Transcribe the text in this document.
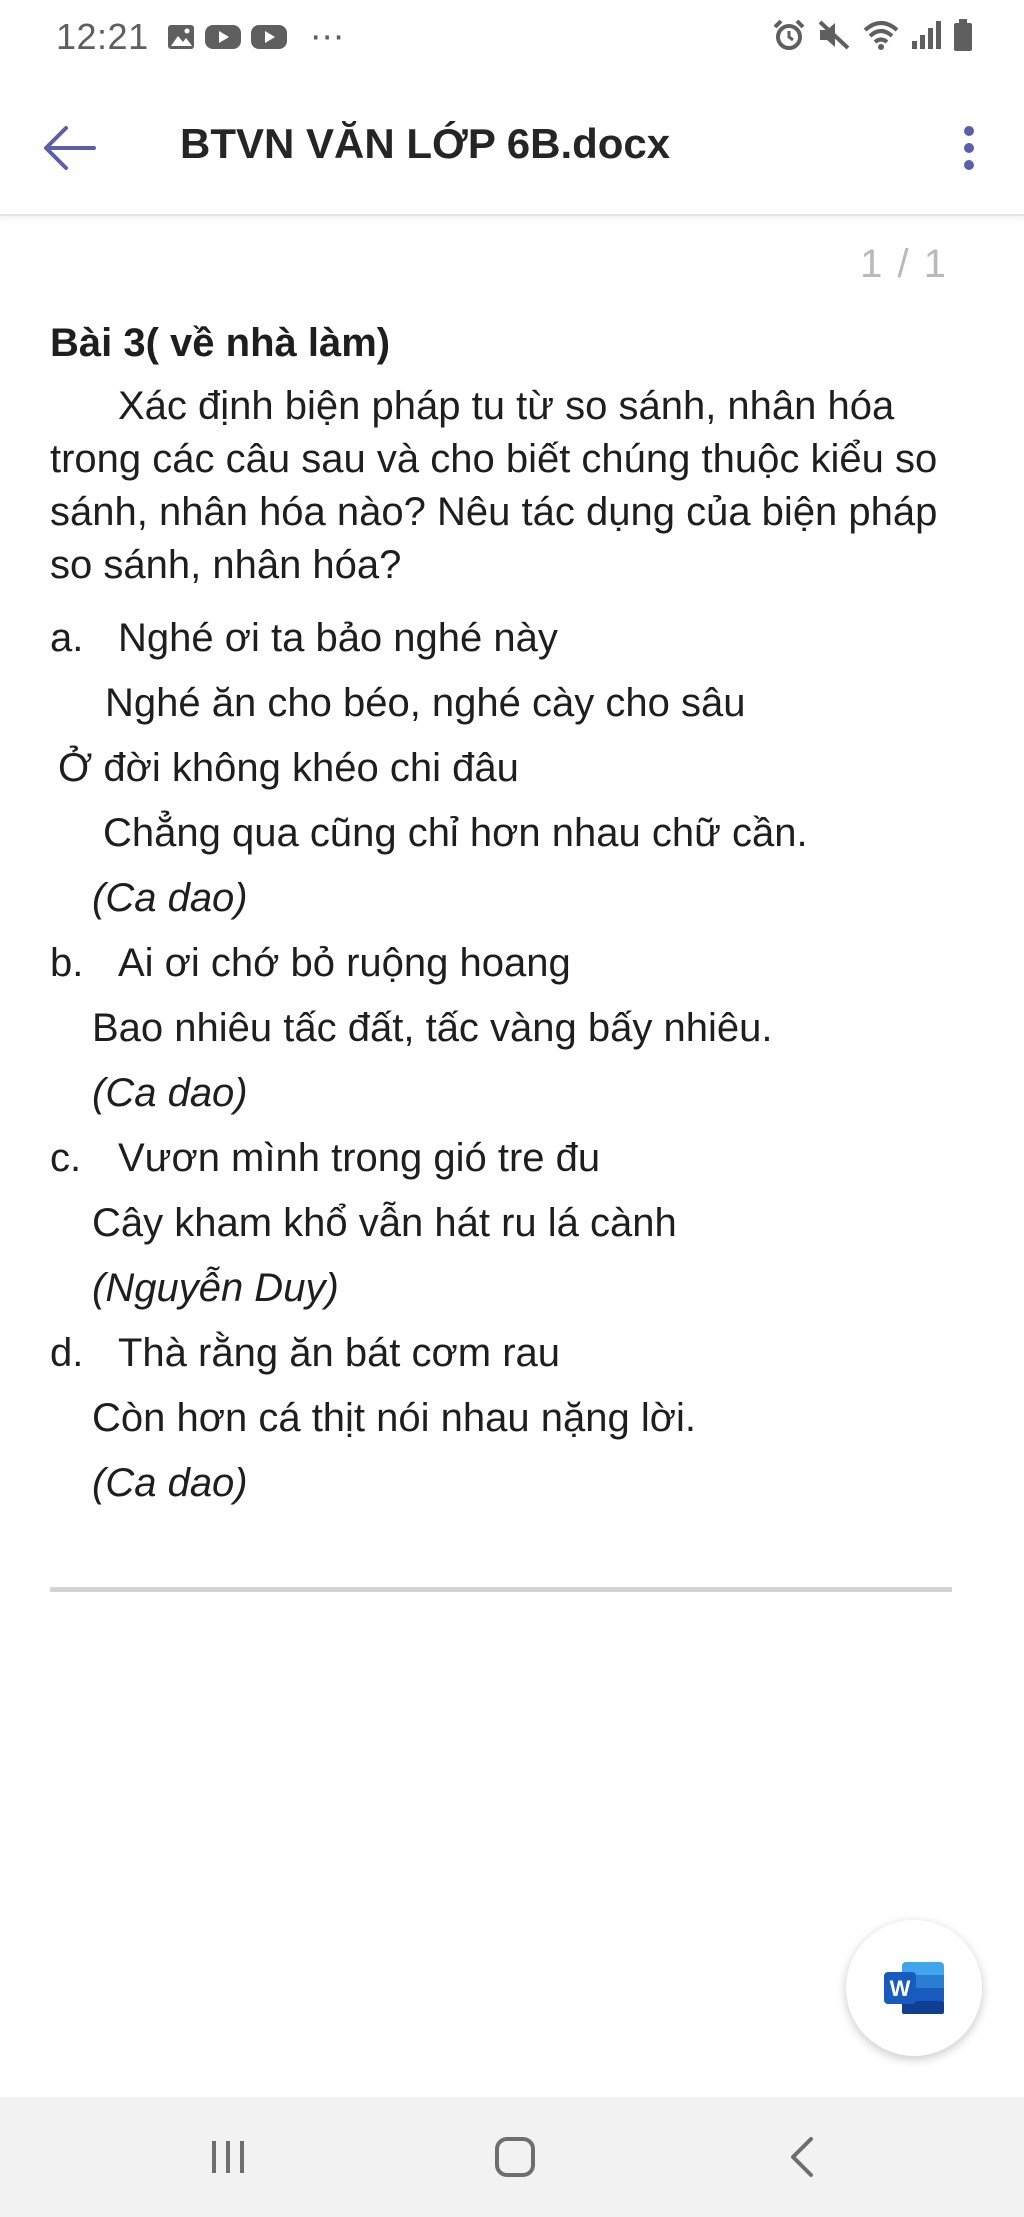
12:21	⋯
BTVN VĂN LỚP 6B.docx
1 / 1

Bài 3( về nhà làm)

Xác định biện pháp tu từ so sánh, nhân hóa trong các câu sau và cho biết chúng thuộc kiểu so sánh, nhân hóa nào? Nêu tác dụng của biện pháp so sánh, nhân hóa?

a. Nghé ơi ta bảo nghé này
Nghé ăn cho béo, nghé cày cho sâu
Ở đời không khéo chi đâu
Chẳng qua cũng chỉ hơn nhau chữ cần.
(Ca dao)
b. Ai ơi chớ bỏ ruộng hoang
Bao nhiêu tấc đất, tấc vàng bấy nhiêu.
(Ca dao)
c. Vươn mình trong gió tre đu
Cây kham khổ vẫn hát ru lá cành
(Nguyễn Duy)
d. Thà rằng ăn bát cơm rau
Còn hơn cá thịt nói nhau nặng lời.
(Ca dao)
W
